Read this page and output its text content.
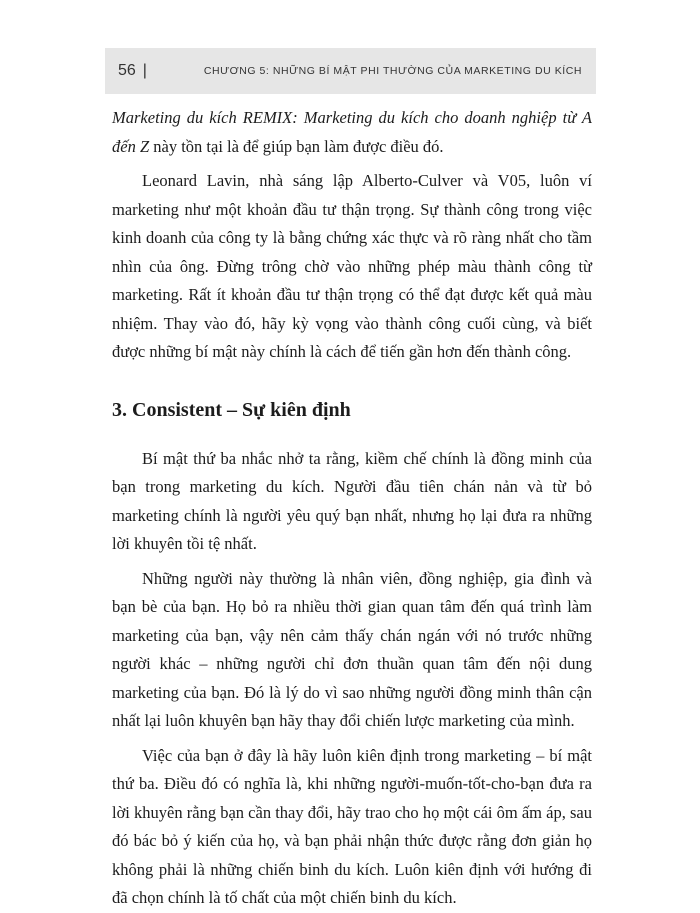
56 |	CHƯƠNG 5: NHỮNG BÍ MẬT PHI THƯỜNG CỦA MARKETING DU KÍCH

Marketing du kích REMIX: Marketing du kích cho doanh nghiệp từ A đến Z này tồn tại là để giúp bạn làm được điều đó.

Leonard Lavin, nhà sáng lập Alberto-Culver và V05, luôn ví marketing như một khoản đầu tư thận trọng. Sự thành công trong việc kinh doanh của công ty là bằng chứng xác thực và rõ ràng nhất cho tầm nhìn của ông. Đừng trông chờ vào những phép màu thành công từ marketing. Rất ít khoản đầu tư thận trọng có thể đạt được kết quả màu nhiệm. Thay vào đó, hãy kỳ vọng vào thành công cuối cùng, và biết được những bí mật này chính là cách để tiến gần hơn đến thành công.

3. Consistent – Sự kiên định

Bí mật thứ ba nhắc nhở ta rằng, kiềm chế chính là đồng minh của bạn trong marketing du kích. Người đầu tiên chán nản và từ bỏ marketing chính là người yêu quý bạn nhất, nhưng họ lại đưa ra những lời khuyên tồi tệ nhất.

Những người này thường là nhân viên, đồng nghiệp, gia đình và bạn bè của bạn. Họ bỏ ra nhiều thời gian quan tâm đến quá trình làm marketing của bạn, vậy nên cảm thấy chán ngán với nó trước những người khác – những người chỉ đơn thuần quan tâm đến nội dung marketing của bạn. Đó là lý do vì sao những người đồng minh thân cận nhất lại luôn khuyên bạn hãy thay đổi chiến lược marketing của mình.

Việc của bạn ở đây là hãy luôn kiên định trong marketing – bí mật thứ ba. Điều đó có nghĩa là, khi những người-muốn-tốt-cho-bạn đưa ra lời khuyên rằng bạn cần thay đổi, hãy trao cho họ một cái ôm ấm áp, sau đó bác bỏ ý kiến của họ, và bạn phải nhận thức được rằng đơn giản họ không phải là những chiến binh du kích. Luôn kiên định với hướng đi đã chọn chính là tố chất của một chiến binh du kích.
